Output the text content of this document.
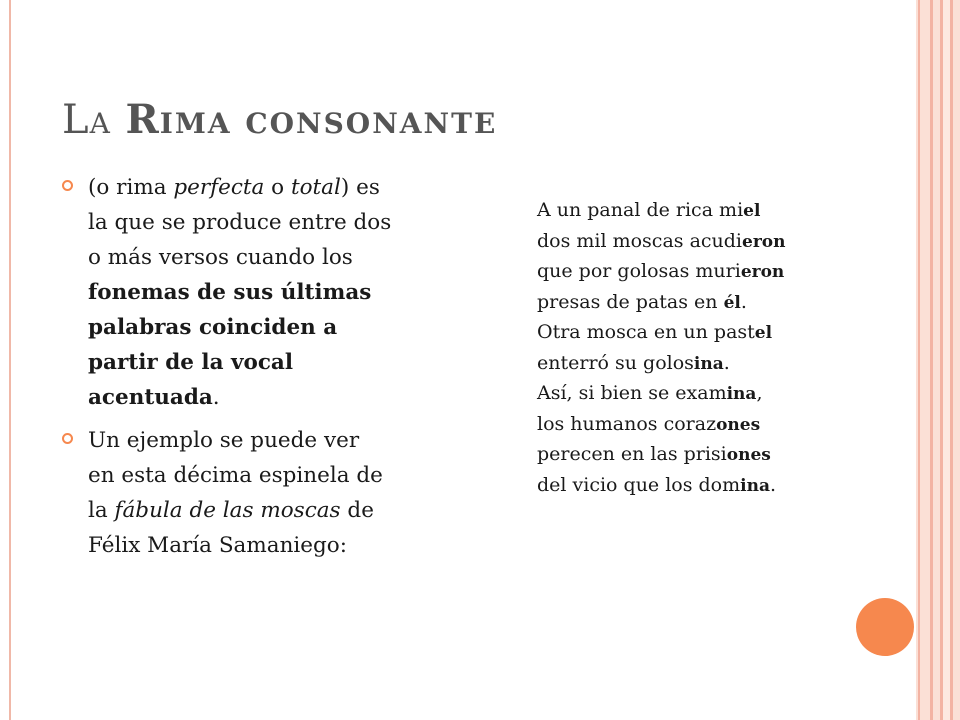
LA RIMA CONSONANTE
(o rima perfecta o total) es la que se produce entre dos o más versos cuando los fonemas de sus últimas palabras coinciden a partir de la vocal acentuada.
Un ejemplo se puede ver en esta décima espinela de la fábula de las moscas de Félix María Samaniego:
A un panal de rica miel
dos mil moscas acudieron
que por golosas murieron
presas de patas en él.
Otra mosca en un pastel
enterró su golosina.
Así, si bien se examina,
los humanos corazones
perecen en las prisiones
del vicio que los domina.
